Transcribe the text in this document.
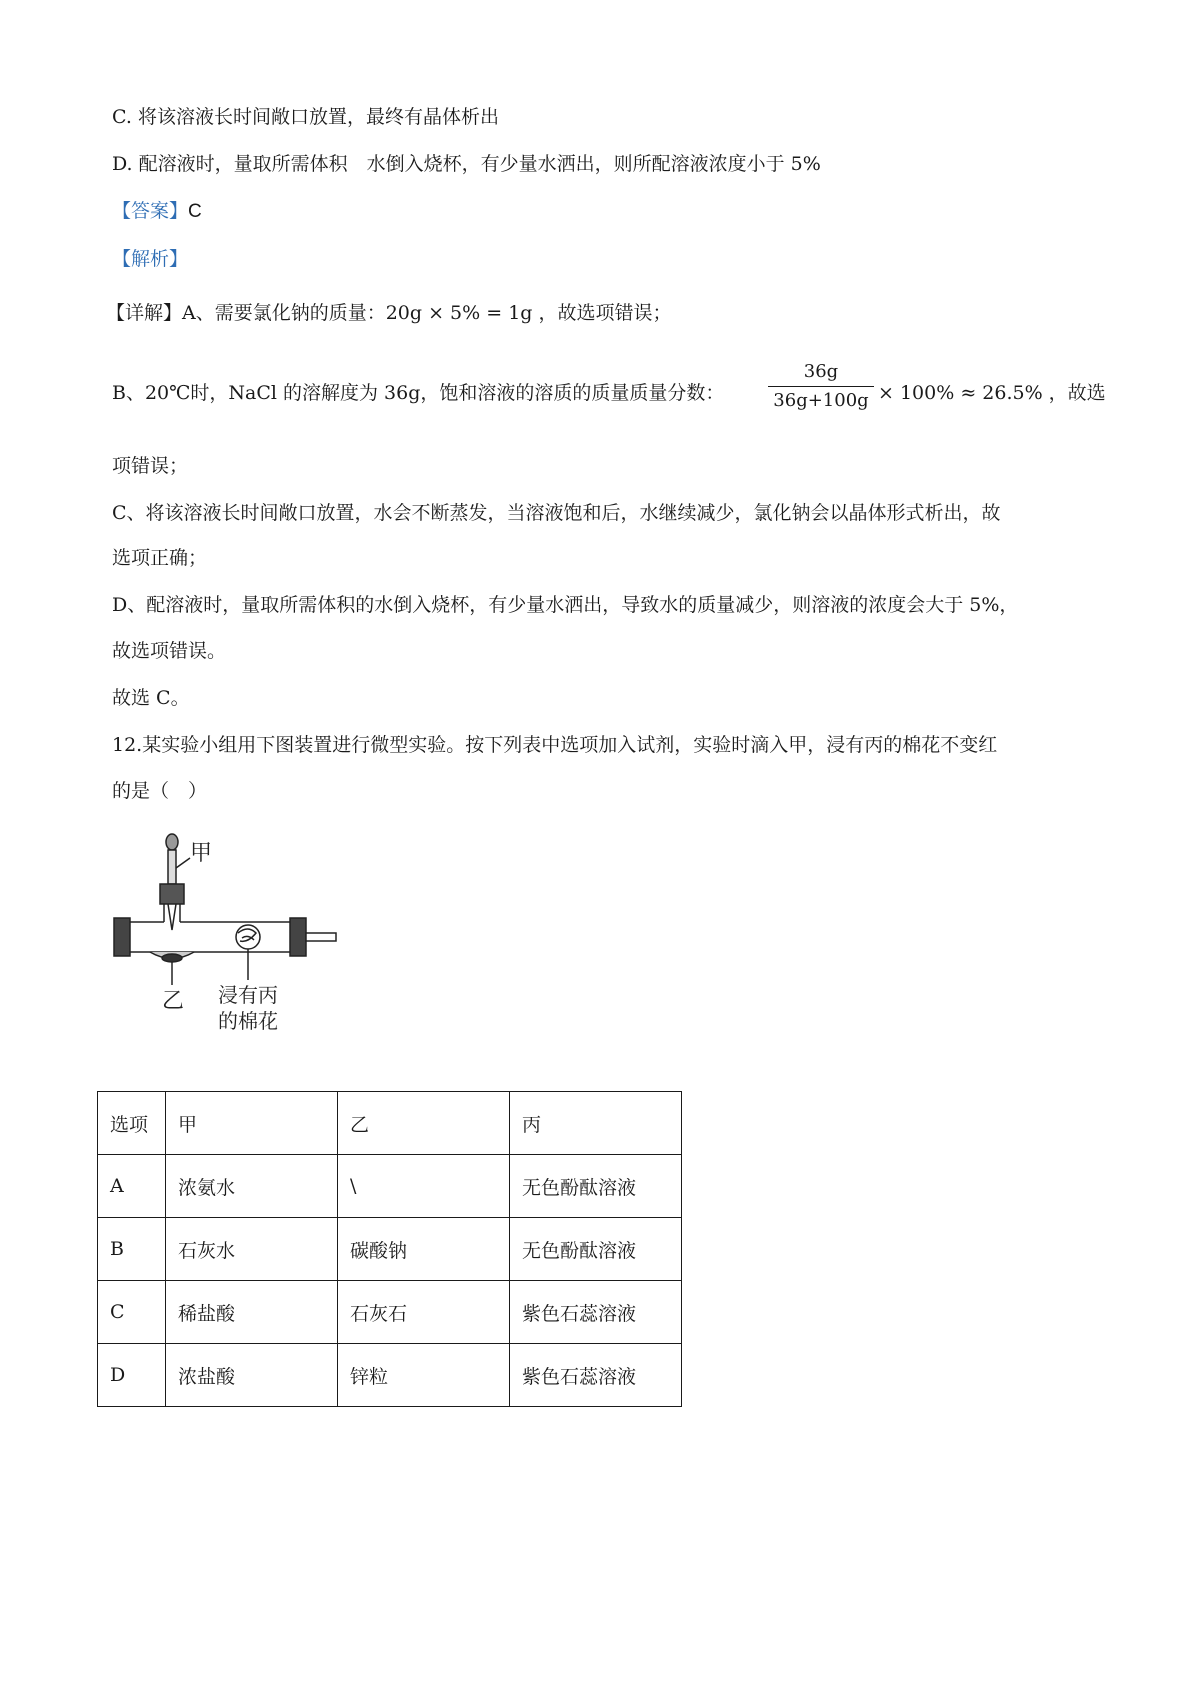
C. 将该溶液长时间敞口放置，最终有晶体析出
D. 配溶液时，量取所需体积　水倒入烧杯，有少量水洒出，则所配溶液浓度小于 5%
【答案】C
【解析】
【详解】A、需要氯化钠的质量：20g × 5% = 1g ，故选项错误；
B、20℃时，NaCl 的溶解度为 36g，饱和溶液的溶质的质量质量分数：
36g
36g+100g × 100% ≈ 26.5% ，故选
项错误；
C、将该溶液长时间敞口放置，水会不断蒸发，当溶液饱和后，水继续减少，氯化钠会以晶体形式析出，故
选项正确；
D、配溶液时，量取所需体积的水倒入烧杯，有少量水洒出，导致水的质量减少，则溶液的浓度会大于 5%，
故选项错误。
故选 C。
12.某实验小组用下图装置进行微型实验。按下列表中选项加入试剂，实验时滴入甲，浸有丙的棉花不变红
的是（　）
甲
乙 浸有丙
的棉花
选项	甲	乙	丙
A	浓氨水	\	无色酚酞溶液
B	石灰水	碳酸钠	无色酚酞溶液
C	稀盐酸	石灰石	紫色石蕊溶液
D	浓盐酸	锌粒	紫色石蕊溶液
